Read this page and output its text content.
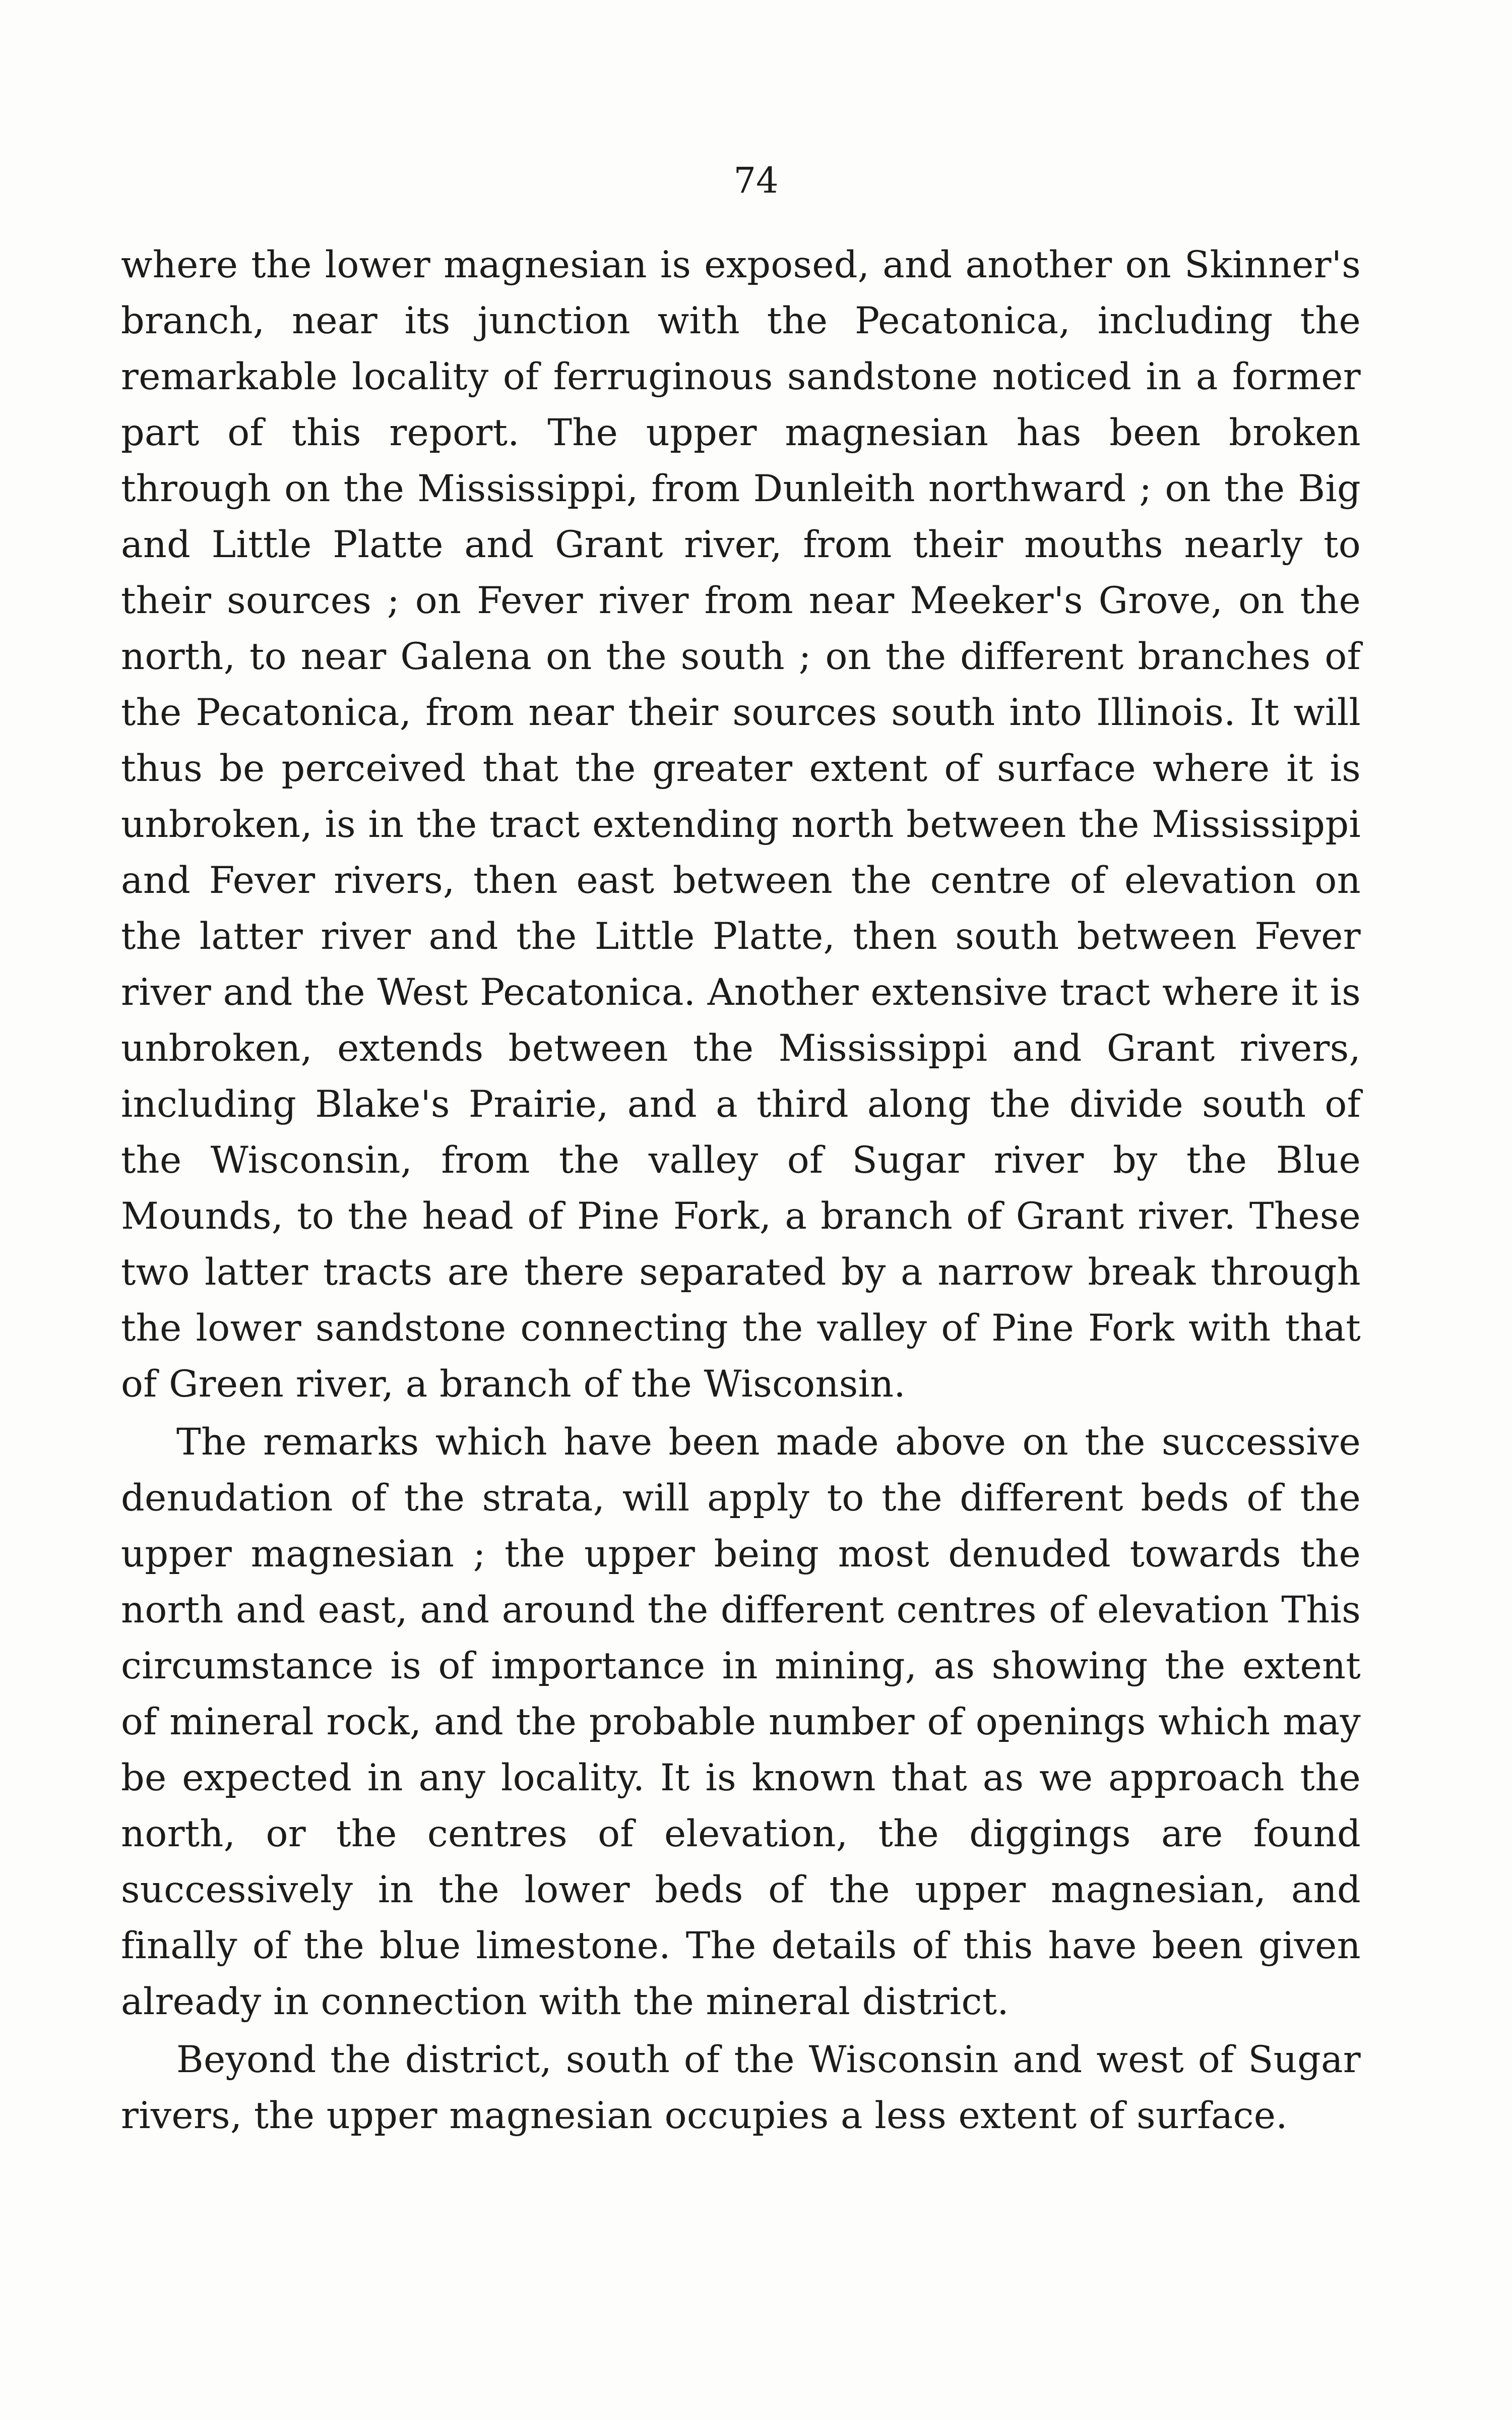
74

where the lower magnesian is exposed, and another on Skinner's branch, near its junction with the Pecatonica, including the remarkable locality of ferruginous sandstone noticed in a former part of this report. The upper magnesian has been broken through on the Mississippi, from Dunleith northward ; on the Big and Little Platte and Grant river, from their mouths nearly to their sources ; on Fever river from near Meeker's Grove, on the north, to near Galena on the south ; on the different branches of the Pecatonica, from near their sources south into Illinois. It will thus be perceived that the greater extent of surface where it is unbroken, is in the tract extending north between the Mississippi and Fever rivers, then east between the centre of elevation on the latter river and the Little Platte, then south between Fever river and the West Pecatonica. Another extensive tract where it is unbroken, extends between the Mississippi and Grant rivers, including Blake's Prairie, and a third along the divide south of the Wisconsin, from the valley of Sugar river by the Blue Mounds, to the head of Pine Fork, a branch of Grant river. These two latter tracts are there separated by a narrow break through the lower sandstone connecting the valley of Pine Fork with that of Green river, a branch of the Wisconsin.

The remarks which have been made above on the successive denudation of the strata, will apply to the different beds of the upper magnesian ; the upper being most denuded towards the north and east, and around the different centres of elevation This circumstance is of importance in mining, as showing the extent of mineral rock, and the probable number of openings which may be expected in any locality. It is known that as we approach the north, or the centres of elevation, the diggings are found successively in the lower beds of the upper magnesian, and finally of the blue limestone. The details of this have been given already in connection with the mineral district.

Beyond the district, south of the Wisconsin and west of Sugar rivers, the upper magnesian occupies a less extent of surface.
